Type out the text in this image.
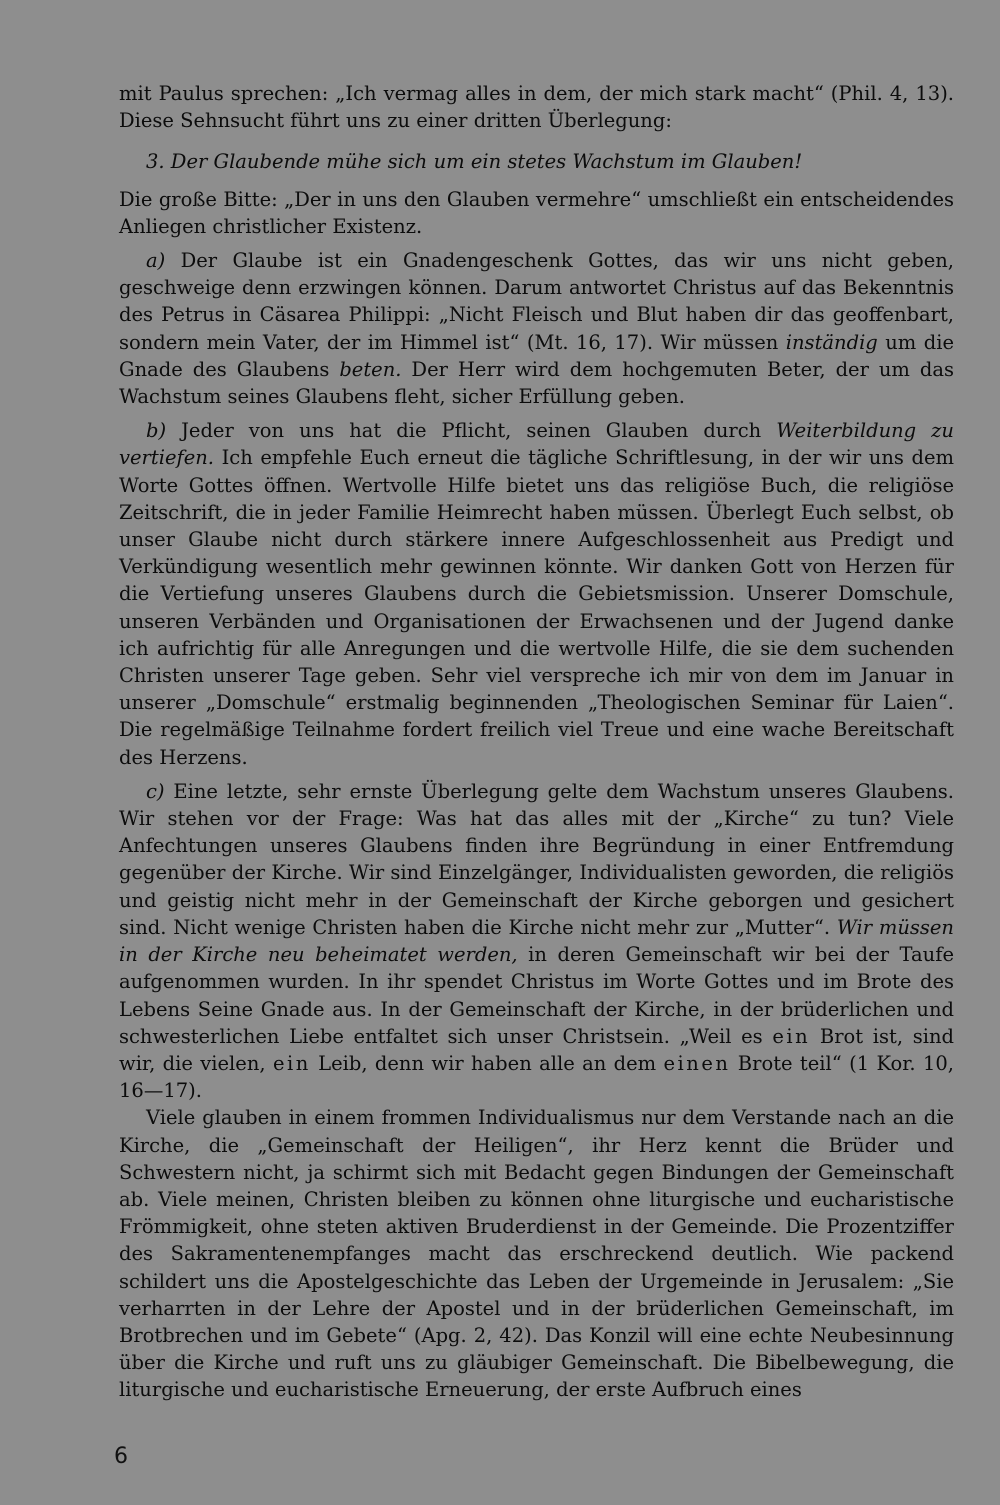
mit Paulus sprechen: „Ich vermag alles in dem, der mich stark macht“ (Phil. 4, 13). Diese Sehnsucht führt uns zu einer dritten Überlegung:

3. Der Glaubende mühe sich um ein stetes Wachstum im Glauben!

Die große Bitte: „Der in uns den Glauben vermehre“ umschließt ein entscheidendes Anliegen christlicher Existenz.

a) Der Glaube ist ein Gnadengeschenk Gottes, das wir uns nicht geben, geschweige denn erzwingen können. Darum antwortet Christus auf das Bekenntnis des Petrus in Cäsarea Philippi: „Nicht Fleisch und Blut haben dir das geoffenbart, sondern mein Vater, der im Himmel ist“ (Mt. 16, 17). Wir müssen inständig um die Gnade des Glaubens beten. Der Herr wird dem hochgemuten Beter, der um das Wachstum seines Glaubens fleht, sicher Erfüllung geben.

b) Jeder von uns hat die Pflicht, seinen Glauben durch Weiterbildung zu vertiefen. Ich empfehle Euch erneut die tägliche Schriftlesung, in der wir uns dem Worte Gottes öffnen. Wertvolle Hilfe bietet uns das religiöse Buch, die religiöse Zeitschrift, die in jeder Familie Heimrecht haben müssen. Überlegt Euch selbst, ob unser Glaube nicht durch stärkere innere Aufgeschlossenheit aus Predigt und Verkündigung wesentlich mehr gewinnen könnte. Wir danken Gott von Herzen für die Vertiefung unseres Glaubens durch die Gebietsmission. Unserer Domschule, unseren Verbänden und Organisationen der Erwachsenen und der Jugend danke ich aufrichtig für alle Anregungen und die wertvolle Hilfe, die sie dem suchenden Christen unserer Tage geben. Sehr viel verspreche ich mir von dem im Januar in unserer „Domschule“ erstmalig beginnenden „Theologischen Seminar für Laien“. Die regelmäßige Teilnahme fordert freilich viel Treue und eine wache Bereitschaft des Herzens.

c) Eine letzte, sehr ernste Überlegung gelte dem Wachstum unseres Glaubens. Wir stehen vor der Frage: Was hat das alles mit der „Kirche“ zu tun? Viele Anfechtungen unseres Glaubens finden ihre Begründung in einer Entfremdung gegenüber der Kirche. Wir sind Einzelgänger, Individualisten geworden, die religiös und geistig nicht mehr in der Gemeinschaft der Kirche geborgen und gesichert sind. Nicht wenige Christen haben die Kirche nicht mehr zur „Mutter“. Wir müssen in der Kirche neu beheimatet werden, in deren Gemeinschaft wir bei der Taufe aufgenommen wurden. In ihr spendet Christus im Worte Gottes und im Brote des Lebens Seine Gnade aus. In der Gemeinschaft der Kirche, in der brüderlichen und schwesterlichen Liebe entfaltet sich unser Christsein. „Weil es ein Brot ist, sind wir, die vielen, ein Leib, denn wir haben alle an dem einen Brote teil“ (1 Kor. 10, 16—17).

Viele glauben in einem frommen Individualismus nur dem Verstande nach an die Kirche, die „Gemeinschaft der Heiligen“, ihr Herz kennt die Brüder und Schwestern nicht, ja schirmt sich mit Bedacht gegen Bindungen der Gemeinschaft ab. Viele meinen, Christen bleiben zu können ohne liturgische und eucharistische Frömmigkeit, ohne steten aktiven Bruderdienst in der Gemeinde. Die Prozentziffer des Sakramentenempfanges macht das erschreckend deutlich. Wie packend schildert uns die Apostelgeschichte das Leben der Urgemeinde in Jerusalem: „Sie verharrten in der Lehre der Apostel und in der brüderlichen Gemeinschaft, im Brotbrechen und im Gebete“ (Apg. 2, 42). Das Konzil will eine echte Neubesinnung über die Kirche und ruft uns zu gläubiger Gemeinschaft. Die Bibelbewegung, die liturgische und eucharistische Erneuerung, der erste Aufbruch eines

6
